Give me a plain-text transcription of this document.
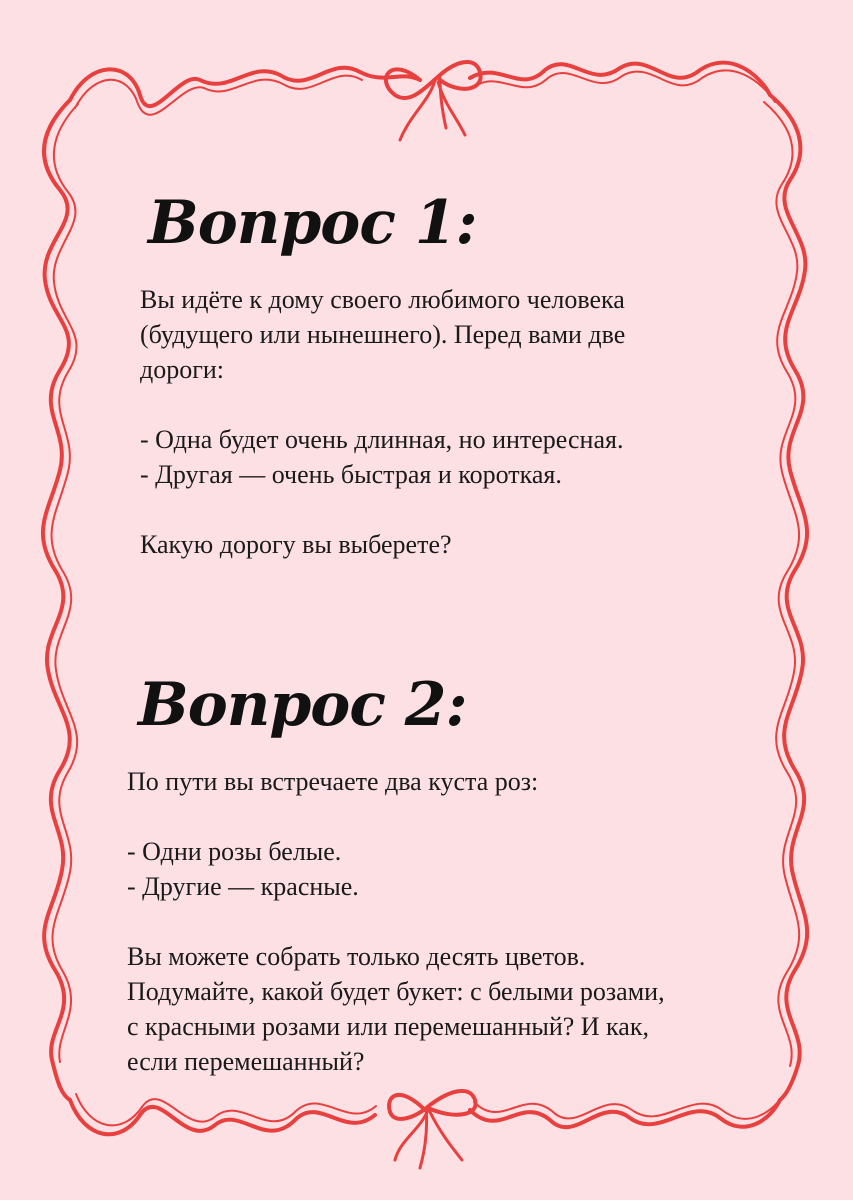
Вопрос 1:

Вы идёте к дому своего любимого человека

(будущего или нынешнего). Перед вами две

дороги:

- Одна будет очень длинная, но интересная.

- Другая — очень быстрая и короткая.

Какую дорогу вы выберете?

Вопрос 2:

По пути вы встречаете два куста роз:

- Одни розы белые.

- Другие — красные.

Вы можете собрать только десять цветов.

Подумайте, какой будет букет: с белыми розами,

с красными розами или перемешанный? И как,

если перемешанный?
